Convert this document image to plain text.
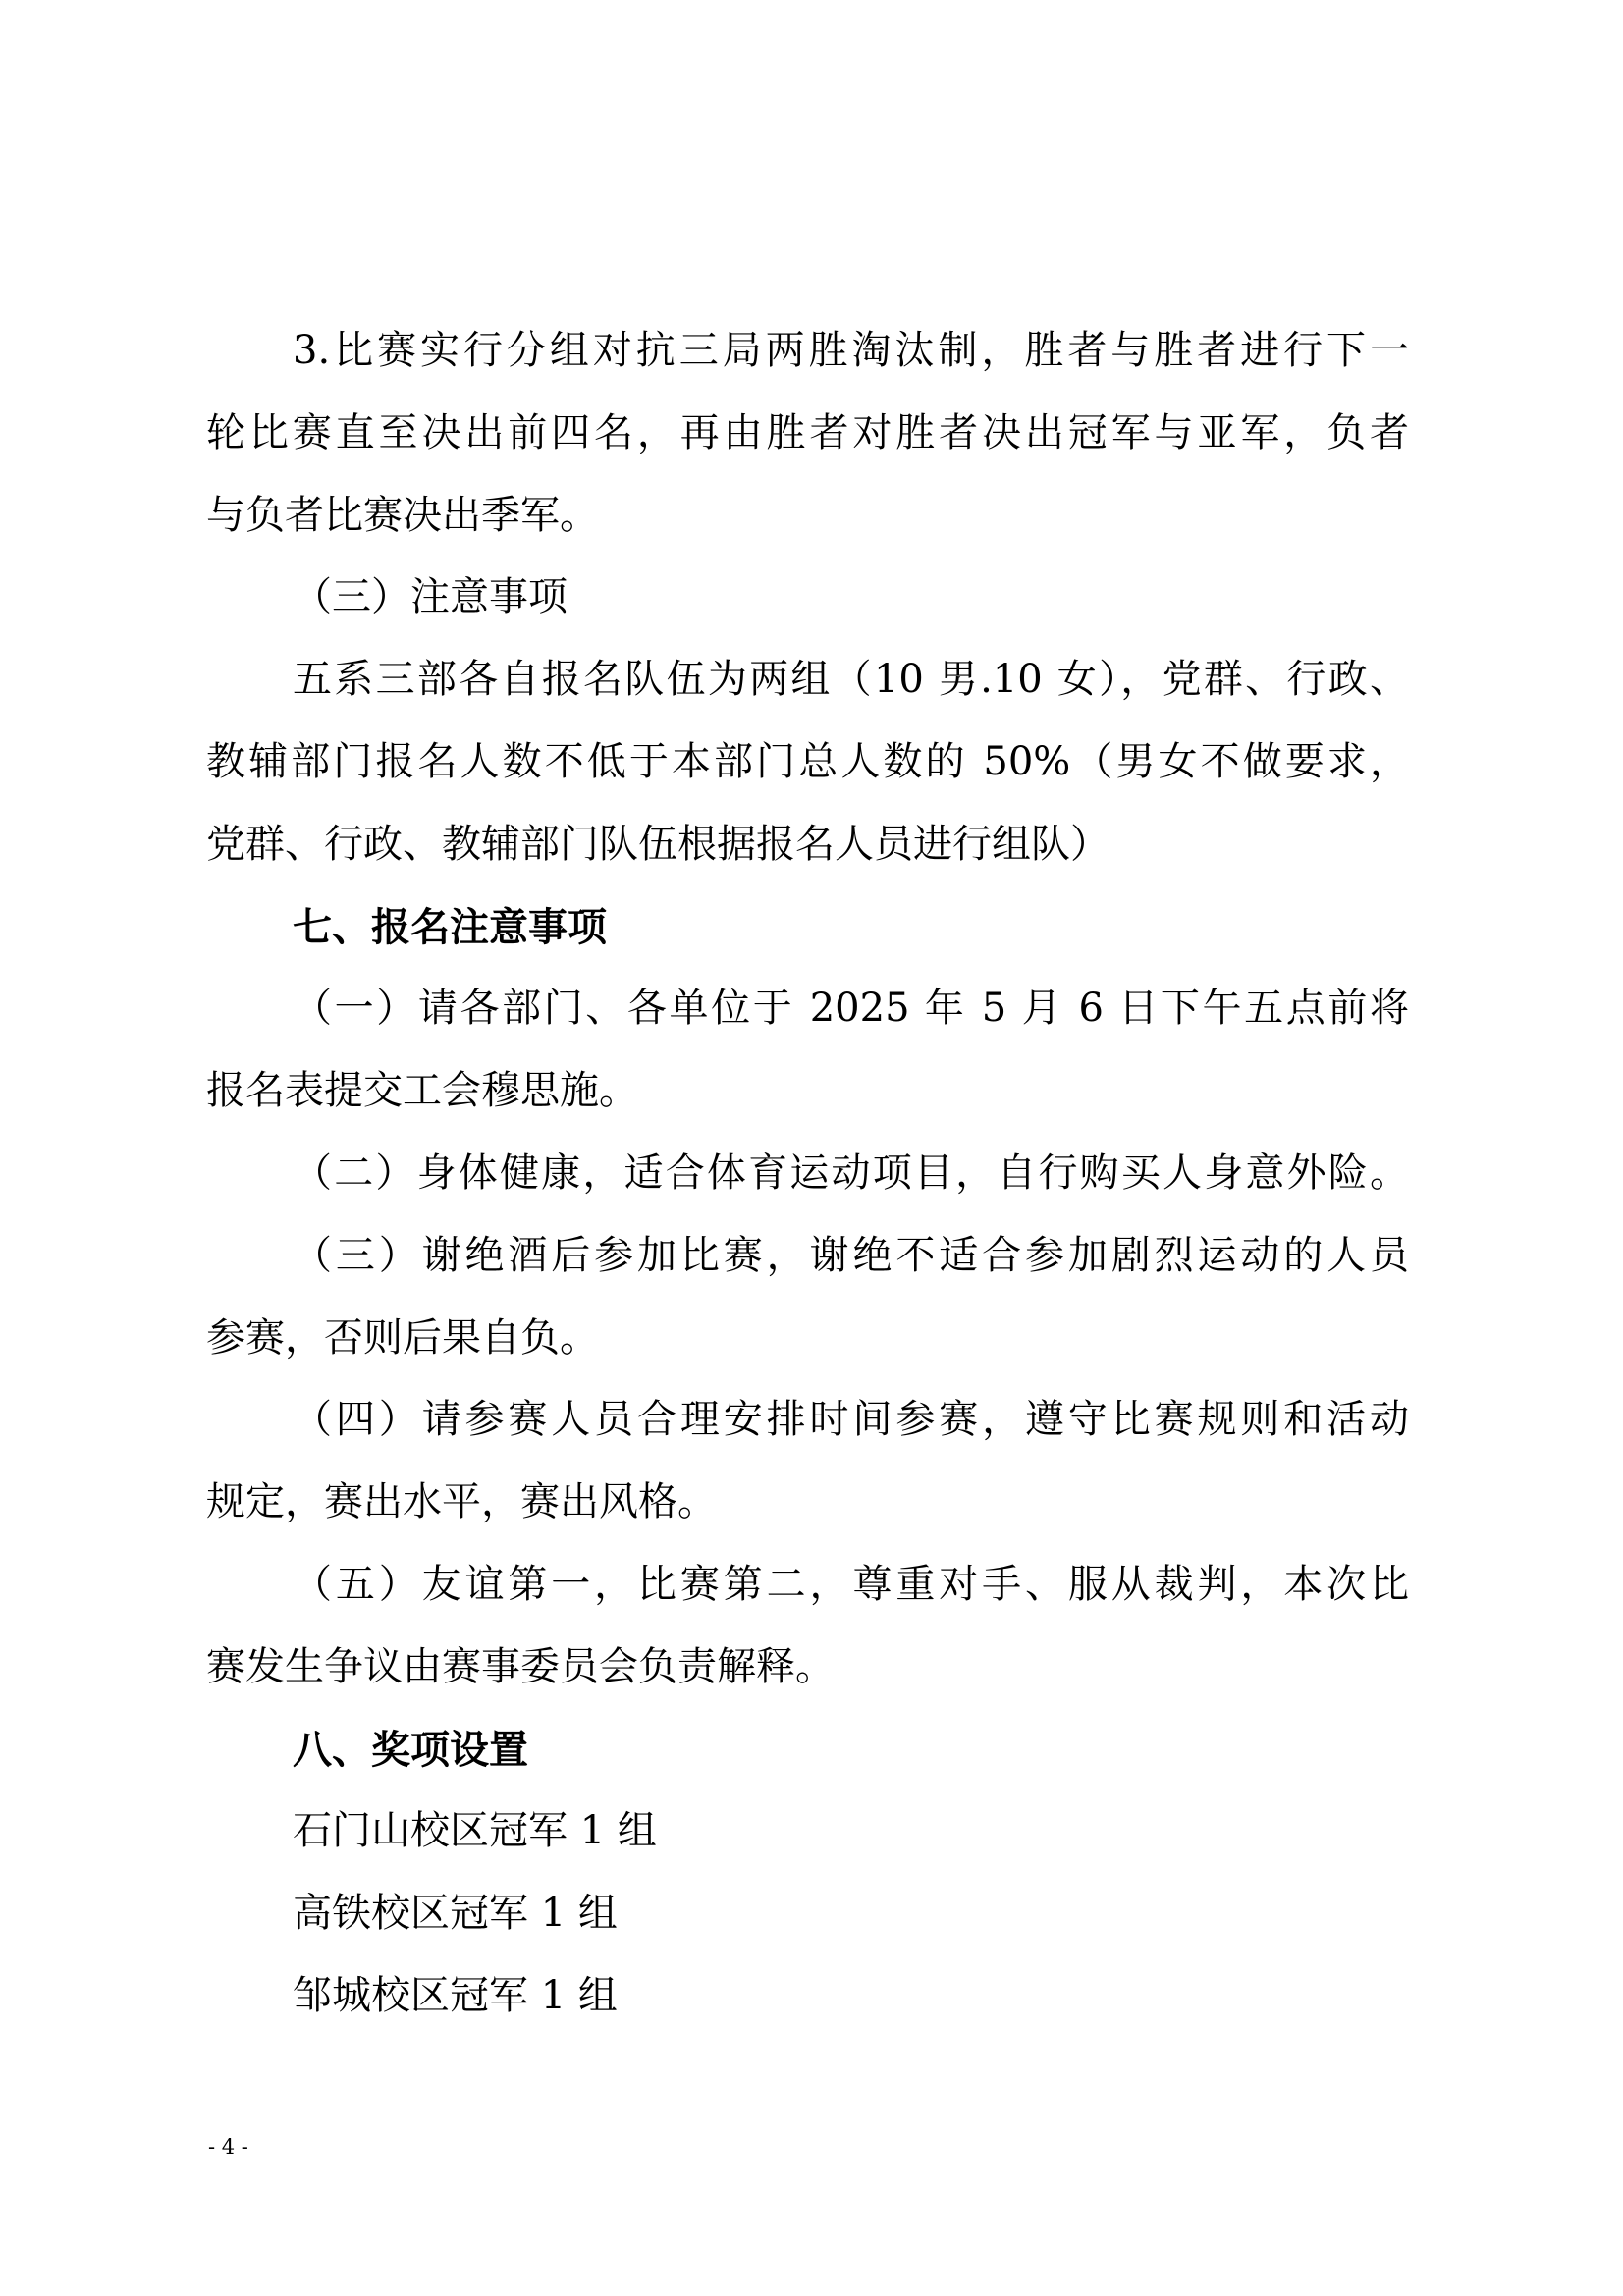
3.比赛实行分组对抗三局两胜淘汰制，胜者与胜者进行下一
轮比赛直至决出前四名，再由胜者对胜者决出冠军与亚军，负者
与负者比赛决出季军。
（三）注意事项
五系三部各自报名队伍为两组（10 男.10 女），党群、行政、
教辅部门报名人数不低于本部门总人数的 50%（男女不做要求，
党群、行政、教辅部门队伍根据报名人员进行组队）
七、报名注意事项
（一）请各部门、各单位于 2025 年 5 月 6 日下午五点前将
报名表提交工会穆思施。
（二）身体健康，适合体育运动项目，自行购买人身意外险。
（三）谢绝酒后参加比赛，谢绝不适合参加剧烈运动的人员
参赛，否则后果自负。
（四）请参赛人员合理安排时间参赛，遵守比赛规则和活动
规定，赛出水平，赛出风格。
（五）友谊第一，比赛第二，尊重对手、服从裁判，本次比
赛发生争议由赛事委员会负责解释。
八、奖项设置
石门山校区冠军 1 组
高铁校区冠军 1 组
邹城校区冠军 1 组
- 4 -
